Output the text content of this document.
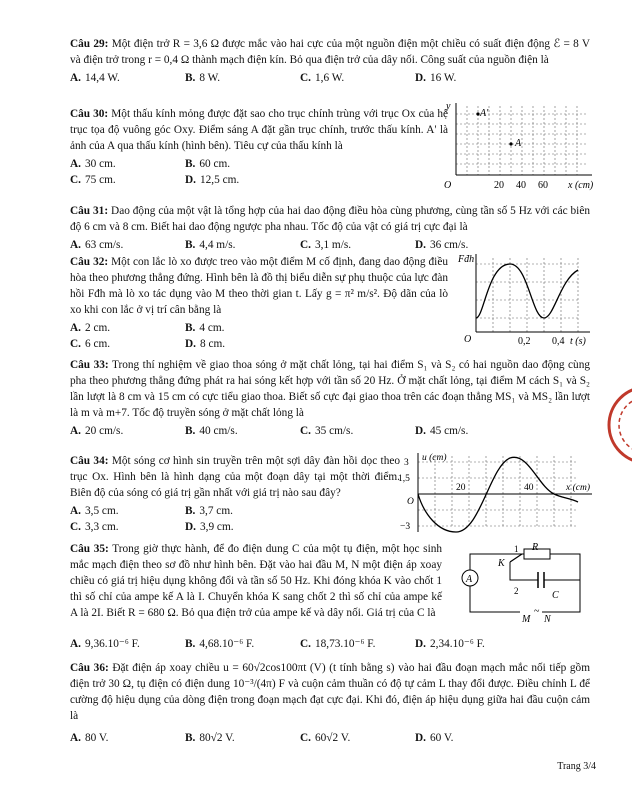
Câu 29: Một điện trở R = 3,6 Ω được mắc vào hai cực của một nguồn điện một chiều có suất điện động ℰ = 8 V và điện trở trong r = 0,4 Ω thành mạch điện kín. Bỏ qua điện trở của dây nối. Công suất của nguồn điện là

A. 14,4 W.	B. 8 W.	C. 1,6 W.	D. 16 W.

Câu 30: Một thấu kính mỏng được đặt sao cho trục chính trùng với trục Ox của hệ trục tọa độ vuông góc Oxy. Điểm sáng A đặt gần trục chính, trước thấu kính. A' là ảnh của A qua thấu kính (hình bên). Tiêu cự của thấu kính là

A. 30 cm.	B. 60 cm.
C. 75 cm.	D. 12,5 cm.
y
A'
A
O	20 40 60 x (cm)

Câu 31: Dao động của một vật là tổng hợp của hai dao động điều hòa cùng phương, cùng tần số 5 Hz với các biên độ 6 cm và 8 cm. Biết hai dao động ngược pha nhau. Tốc độ của vật có giá trị cực đại là

A. 63 cm/s.	B. 4,4 m/s.	C. 3,1 m/s.	D. 36 cm/s.

Câu 32: Một con lắc lò xo được treo vào một điểm M cố định, đang dao động điều hòa theo phương thẳng đứng. Hình bên là đồ thị biểu diễn sự phụ thuộc của lực đàn hồi Fđh mà lò xo tác dụng vào M theo thời gian t. Lấy g = π² m/s². Độ dãn của lò xo khi con lắc ở vị trí cân bằng là

A. 2 cm.	B. 4 cm.
C. 6 cm.	D. 8 cm.
Fđh
O	0,2 0,4 t (s)

Câu 33: Trong thí nghiệm về giao thoa sóng ở mặt chất lỏng, tại hai điểm S₁ và S₂ có hai nguồn dao động cùng pha theo phương thẳng đứng phát ra hai sóng kết hợp với tần số 20 Hz. Ở mặt chất lỏng, tại điểm M cách S₁ và S₂ lần lượt là 8 cm và 15 cm có cực tiểu giao thoa. Biết số cực đại giao thoa trên các đoạn thẳng MS₁ và MS₂ lần lượt là m và m+7. Tốc độ truyền sóng ở mặt chất lỏng là

A. 20 cm/s.	B. 40 cm/s.	C. 35 cm/s.	D. 45 cm/s.

Câu 34: Một sóng cơ hình sin truyền trên một sợi dây đàn hồi dọc theo trục Ox. Hình bên là hình dạng của một đoạn dây tại một thời điểm. Biên độ của sóng có giá trị gần nhất với giá trị nào sau đây?

A. 3,5 cm.	B. 3,7 cm.
C. 3,3 cm.	D. 3,9 cm.
u (cm)
3
1,5
−3
O
20	40	x (cm)

Câu 35: Trong giờ thực hành, để đo điện dung C của một tụ điện, một học sinh mắc mạch điện theo sơ đồ như hình bên. Đặt vào hai đầu M, N một điện áp xoay chiều có giá trị hiệu dụng không đổi và tần số 50 Hz. Khi đóng khóa K vào chốt 1 thì số chỉ của ampe kế A là I. Chuyển khóa K sang chốt 2 thì số chỉ của ampe kế A là 2I. Biết R = 680 Ω. Bỏ qua điện trở của ampe kế và dây nối. Giá trị của C là

A. 9,36.10⁻⁶ F.	B. 4,68.10⁻⁶ F.	C. 18,73.10⁻⁶ F.	D. 2,34.10⁻⁶ F.
A
R
C
K
1
2
M
~
N

Câu 36: Đặt điện áp xoay chiều u = 60√2cos100πt (V) (t tính bằng s) vào hai đầu đoạn mạch mắc nối tiếp gồm điện trở 30 Ω, tụ điện có điện dung 10⁻³/(4π) F và cuộn cảm thuần có độ tự cảm L thay đổi được. Điều chỉnh L để cường độ hiệu dụng của dòng điện trong đoạn mạch đạt cực đại. Khi đó, điện áp hiệu dụng giữa hai đầu cuộn cảm là

A. 80 V.	B. 80√2 V.	C. 60√2 V.	D. 60 V.
Trang 3/4
